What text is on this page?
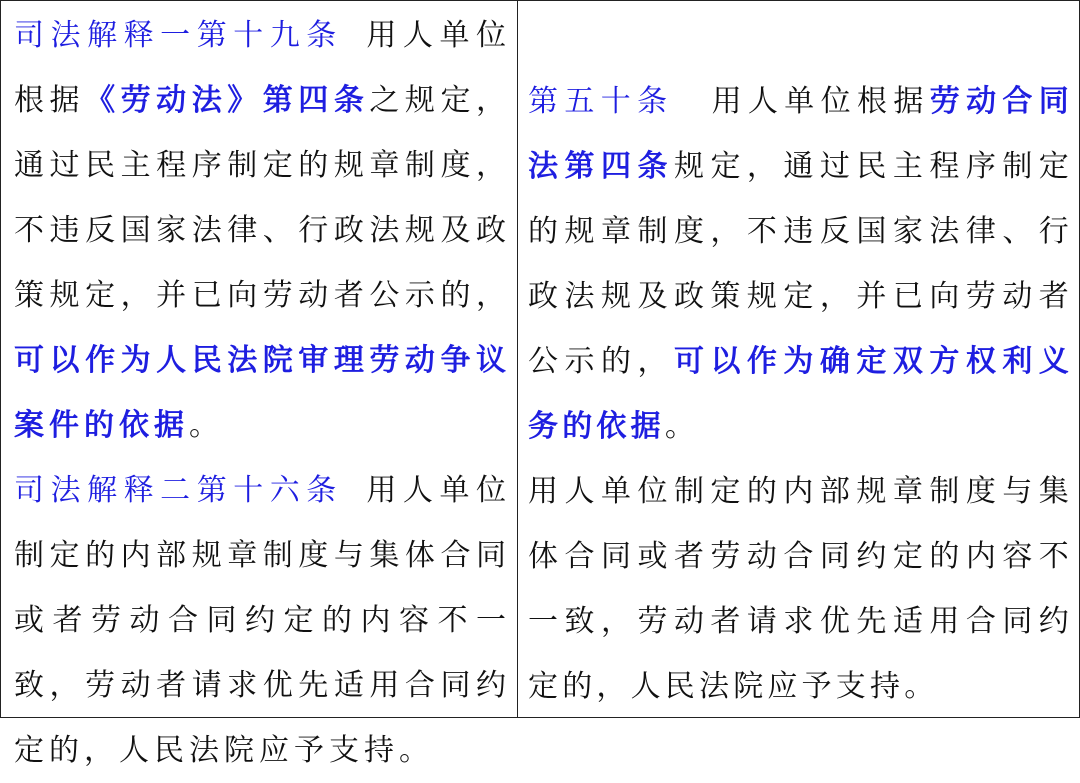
司法解释一第十九条 用人单位根据《劳动法》第四条之规定，通过民主程序制定的规章制度，不违反国家法律、行政法规及政策规定，并已向劳动者公示的，可以作为人民法院审理劳动争议案件的依据。

司法解释二第十六条 用人单位制定的内部规章制度与集体合同或者劳动合同约定的内容不一致，劳动者请求优先适用合同约定的，人民法院应予支持。

第五十条 用人单位根据劳动合同法第四条规定，通过民主程序制定的规章制度，不违反国家法律、行政法规及政策规定，并已向劳动者公示的，可以作为确定双方权利义务的依据。

用人单位制定的内部规章制度与集体合同或者劳动合同约定的内容不一致，劳动者请求优先适用合同约定的，人民法院应予支持。
